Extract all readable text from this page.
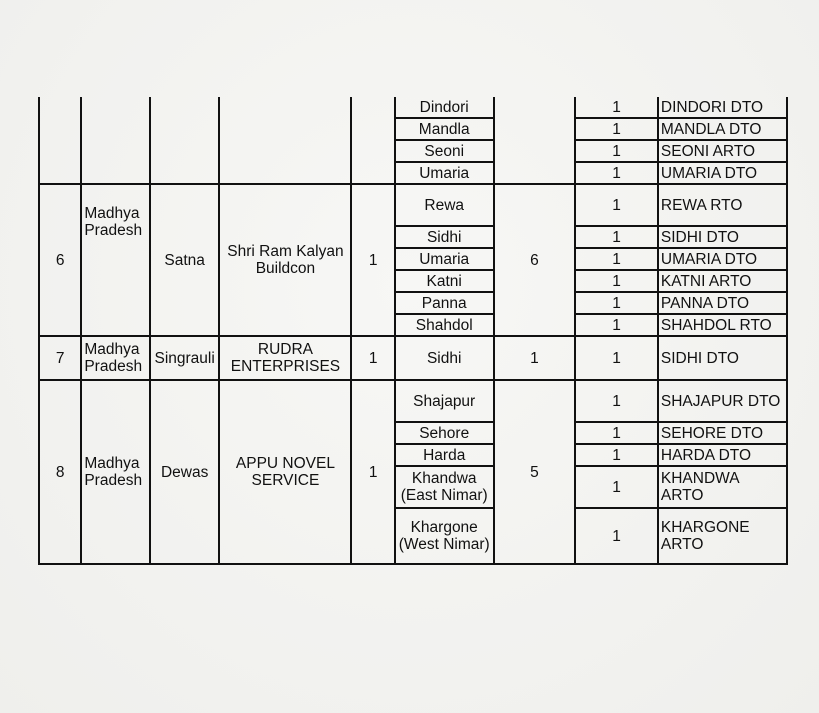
					Dindori		1	DINDORI DTO
					Mandla		1	MANDLA DTO
					Seoni		1	SEONI ARTO
					Umaria		1	UMARIA DTO
6	Madhya Pradesh	Satna	Shri Ram Kalyan Buildcon	1	Rewa	6	1	REWA RTO
					Sidhi		1	SIDHI DTO
					Umaria		1	UMARIA DTO
					Katni		1	KATNI ARTO
					Panna		1	PANNA DTO
					Shahdol		1	SHAHDOL RTO
7	Madhya Pradesh	Singrauli	RUDRA ENTERPRISES	1	Sidhi	1	1	SIDHI DTO
8	Madhya Pradesh	Dewas	APPU NOVEL SERVICE	1	Shajapur	5	1	SHAJAPUR DTO
					Sehore		1	SEHORE DTO
					Harda		1	HARDA DTO
					Khandwa (East Nimar)		1	KHANDWA ARTO
					Khargone (West Nimar)		1	KHARGONE ARTO
